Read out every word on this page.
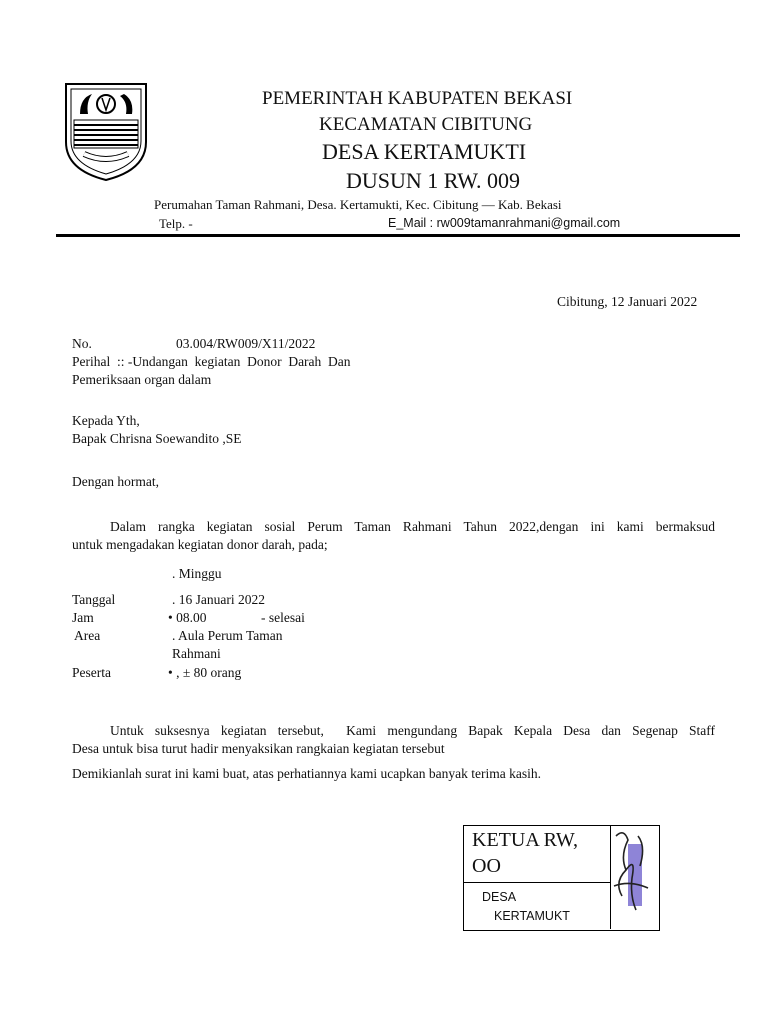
PEMERINTAH KABUPATEN BEKASI
KECAMATAN CIBITUNG
DESA KERTAMUKTI
DUSUN 1 RW. 009
Perumahan Taman Rahmani, Desa. Kertamukti, Kec. Cibitung — Kab. Bekasi
Telp. -	E_Mail : rw009tamanrahmani@gmail.com
Cibitung, 12 Januari 2022
No.	03.004/RW009/X11/2022
Perihal  :: -Undangan  kegiatan  Donor  Darah  Dan
Pemeriksaan organ dalam
Kepada Yth,
Bapak Chrisna Soewandito ,SE
Dengan hormat,
Dalam rangka kegiatan sosial Perum Taman Rahmani Tahun 2022,dengan ini kami bermaksud
untuk mengadakan kegiatan donor darah, pada;
. Minggu
Tanggal	. 16 Januari 2022
Jam	• 08.00	- selesai
Area	. Aula Perum Taman
Rahmani
Peserta	• , ± 80 orang
Untuk suksesnya kegiatan tersebut,  Kami mengundang Bapak Kepala Desa dan Segenap Staff
Desa untuk bisa turut hadir menyaksikan rangkaian kegiatan tersebut
Demikianlah surat ini kami buat, atas perhatiannya kami ucapkan banyak terima kasih.
KETUA RW,
OO
DESA
KERTAMUKT
